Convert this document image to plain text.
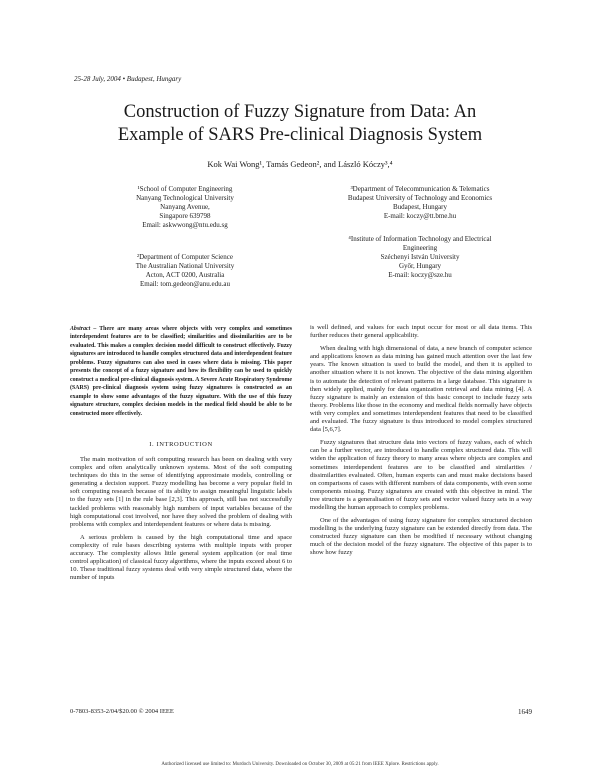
25-28 July, 2004 • Budapest, Hungary
Construction of Fuzzy Signature from Data: An
Example of SARS Pre-clinical Diagnosis System
Kok Wai Wong¹, Tamás Gedeon², and László Kóczy³,⁴
¹School of Computer Engineering
Nanyang Technological University
Nanyang Avenue,
Singapore 639798
Email: askwwong@ntu.edu.sg
²Department of Computer Science
The Australian National University
Acton, ACT 0200, Australia
Email: tom.gedeon@anu.edu.au
³Department of Telecommunication & Telematics
Budapest University of Technology and Economics
Budapest, Hungary
E-mail: koczy@tt.bme.hu
⁴Institute of Information Technology and Electrical
Engineering
Széchenyi István University
Győr, Hungary
E-mail: koczy@sze.hu
Abstract – There are many areas where objects with very complex and sometimes interdependent features are to be classified; similarities and dissimilarities are to be evaluated. This makes a complex decision model difficult to construct effectively. Fuzzy signatures are introduced to handle complex structured data and interdependent feature problems. Fuzzy signatures can also used in cases where data is missing. This paper presents the concept of a fuzzy signature and how its flexibility can be used to quickly construct a medical pre-clinical diagnosis system. A Severe Acute Respiratory Syndrome (SARS) pre-clinical diagnosis system using fuzzy signatures is constructed as an example to show some advantages of the fuzzy signature. With the use of this fuzzy signature structure, complex decision models in the medical field should be able to be constructed more effectively.
I. INTRODUCTION

The main motivation of soft computing research has been on dealing with very complex and often analytically unknown systems. Most of the soft computing techniques do this in the sense of identifying approximate models, controlling or generating a decision support. Fuzzy modelling has become a very popular field in soft computing research because of its ability to assign meaningful linguistic labels to the fuzzy sets [1] in the rule base [2,3]. This approach, still has not successfully tackled problems with reasonably high numbers of input variables because of the high computational cost involved, nor have they solved the problem of dealing with problems with complex and interdependent features or where data is missing.

A serious problem is caused by the high computational time and space complexity of rule bases describing systems with multiple inputs with proper accuracy. The complexity allows little general system application (or real time control application) of classical fuzzy algorithms, where the inputs exceed about 6 to 10. These traditional fuzzy systems deal with very simple structured data, where the number of inputs

is well defined, and values for each input occur for most or all data items. This further reduces their general applicability.

When dealing with high dimensional of data, a new branch of computer science and applications known as data mining has gained much attention over the last few years. The known situation is used to build the model, and then it is applied to another situation where it is not known. The objective of the data mining algorithm is to automate the detection of relevant patterns in a large database. This signature is then widely applied, mainly for data organization retrieval and data mining [4]. A fuzzy signature is mainly an extension of this basic concept to include fuzzy sets theory. Problems like those in the economy and medical fields normally have objects with very complex and sometimes interdependent features that need to be classified and evaluated. The fuzzy signature is thus introduced to model complex structured data [5,6,7].

Fuzzy signatures that structure data into vectors of fuzzy values, each of which can be a further vector, are introduced to handle complex structured data. This will widen the application of fuzzy theory to many areas where objects are complex and sometimes interdependent features are to be classified and similarities / dissimilarities evaluated. Often, human experts can and must make decisions based on comparisons of cases with different numbers of data components, with even some components missing. Fuzzy signatures are created with this objective in mind. The tree structure is a generalisation of fuzzy sets and vector valued fuzzy sets in a way modelling the human approach to complex problems.

One of the advantages of using fuzzy signature for complex structured decision modelling is the underlying fuzzy signature can be extended directly from data. The constructed fuzzy signature can then be modified if necessary without changing much of the decision model of the fuzzy signature. The objective of this paper is to show how fuzzy

0-7803-8353-2/04/$20.00 © 2004 IEEE	1649
Authorized licensed use limited to: Murdoch University. Downloaded on October 30, 2009 at 05:21 from IEEE Xplore. Restrictions apply.
